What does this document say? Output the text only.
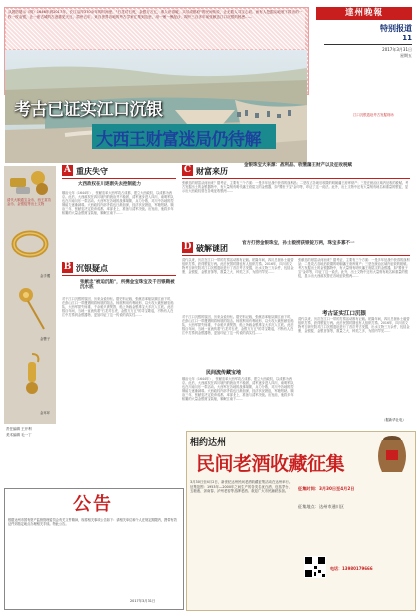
从展馆展示（明）1646年到2017年，长江沿岸370余年的时间里，"石龙对石虎，金银万万五，谁人识得破，买尽成都府"的民间传说，让无数人寻宝心切，而有人挖掘从地底下拔出的一枚一枚金银，让一座古城的古迹重见天日。眉州五年，来自世界各地的考古学家汇集到这里，用一锹一锹泥沙，揭开三百多年前张献忠江口沉银的秘密……	達州晚報
特别报道
11
2017年3月31日
星期五
江口沉银遗址考古发掘现场
考古已证实江口沉银
大西王财富迷局仍待解
清代大顺通宝金币、西王赏功金币、金银锭等出土文物
金手镯
金簪子
金耳环
A 重庆失守
大西政权在川逐渐失去控制能力
顺治元年（1644年），张献忠率大西军攻占成都，建立大西政权，以成都为西京。此后，大西政权在四川境内的统治并不稳固，清军逐步进入四川，南明军队也在川南川东一带活动。大西军在各地的战事频繁，兵力分散，对川中各地的控制能力逐渐减弱。大西政权内部矛盾也日渐加深，经济状况窘迫，军粮短缺。顺治三年，张献忠决定放弃成都，率部北上，准备与清军决战。出发前，他将多年积累的大量金银财宝装船，顺岷江南下……
B 沉银疑点
张献忠"被迫沉船"，所携金宝珠宝及千百银鞘被沉水底
对于江口沉银的原因，历来众说纷纭。据史料记载，张献忠率船队顺江而下时，在彭山江口一带遭遇明将杨展的阻击。杨展利用有利地形，以火攻大破张献忠船队，大西军损失惨重，千余船只被焚毁，船上所载金银珠宝大多沉入江底。此后数百年间，当地一直流传着"石龙对石虎，金银万万五"的寻宝歌谣，不断有人在江中打捞到金银器物，更加印证了这一传说的真实性……
C 财富来历
金银珠宝大来源：战利品、收缴藩王财产以及征收税赋
张献忠的财富从何而来？据考证，主要有三个方面：一是多年征战中获得的战利品；二是攻占各地后收缴的明朝藩王府库财产；三是在统治区域内征收的税赋。考古发掘出土的金银器物中，有大量刻有明代藩王府铭文的金银器，如"蜀世子宝"金印等，印证了这一说法。此外，出土文物中还有大量刻有地名和重量的银锭，显示出大西政权曾在各地征收银两……
D 破解谜团
官方打捞金银珠宝，孙士毅捞获银锭万两，珠宝多寡不一
清代以来，历次在江口一带的打捞活动都有记载。乾隆年间，四川总督孙士毅曾组织打捞，获得银锭万两。此后民国时期也有人组织打捞。2016年，四川省文物考古研究院对江口沉银遗址进行了首次考古发掘，出水文物三万余件，包括金册、金银锭、金银首饰等，数量之大、种类之多，为国内罕见……
张献忠的财富从何而来？据考证，主要有三个方面：一是多年征战中获得的战利品；二是攻占各地后收缴的明朝藩王府库财产；三是在统治区域内征收的税赋。考古发掘出土的金银器物中，有大量刻有明代藩王府铭文的金银器，如"蜀世子宝"金印等，印证了这一说法。此外，出土文物中还有大量刻有地名和重量的银锭，显示出大西政权曾在各地征收银两……
考古证实江口沉银
民间流传藏宝地
对于江口沉银的原因，历来众说纷纭。据史料记载，张献忠率船队顺江而下时，在彭山江口一带遭遇明将杨展的阻击。杨展利用有利地形，以火攻大破张献忠船队，大西军损失惨重，千余船只被焚毁，船上所载金银珠宝大多沉入江底。此后数百年间，当地一直流传着"石龙对石虎，金银万万五"的寻宝歌谣，不断有人在江中打捞到金银器物，更加印证了这一传说的真实性……
清代以来，历次在江口一带的打捞活动都有记载。乾隆年间，四川总督孙士毅曾组织打捞，获得银锭万两。此后民国时期也有人组织打捞。2016年，四川省文物考古研究院对江口沉银遗址进行了首次考古发掘，出水文物三万余件，包括金册、金银锭、金银首饰等，数量之大、种类之多，为国内罕见……
顺治元年（1644年），张献忠率大西军攻占成都，建立大西政权，以成都为西京。此后，大西政权在四川境内的统治并不稳固，清军逐步进入四川，南明军队也在川南川东一带活动。大西军在各地的战事频繁，兵力分散，对川中各地的控制能力逐渐减弱。大西政权内部矛盾也日渐加深，经济状况窘迫，军粮短缺。顺治三年，张献忠决定放弃成都，率部北上，准备与清军决战。出发前，他将多年积累的大量金银财宝装船，顺岷江南下……
（据新华社电）
责任编辑 王开利
美术编辑 毛一丁
公告
根据达州市国有资产监督管理委员会有关文件精神，现将相关事项公告如下：请相关单位和个人在规定期限内，携带有效证件到指定地点办理相关手续。特此公告。
2017年3月31日
相约达州
民间老酒收藏征集
3月30日至4月2日，新世纪达州民间老酒收藏征集活动在达州举行。征集范围：1953年—2000年之间生产的各类名优白酒，包括茅台、五粮液、剑南春、泸州老窖等品牌老酒。欢迎广大市民踊跃参加。
征集时间：3月30日至4月2日
征集地点：达州市通川区
电话：13980179666
